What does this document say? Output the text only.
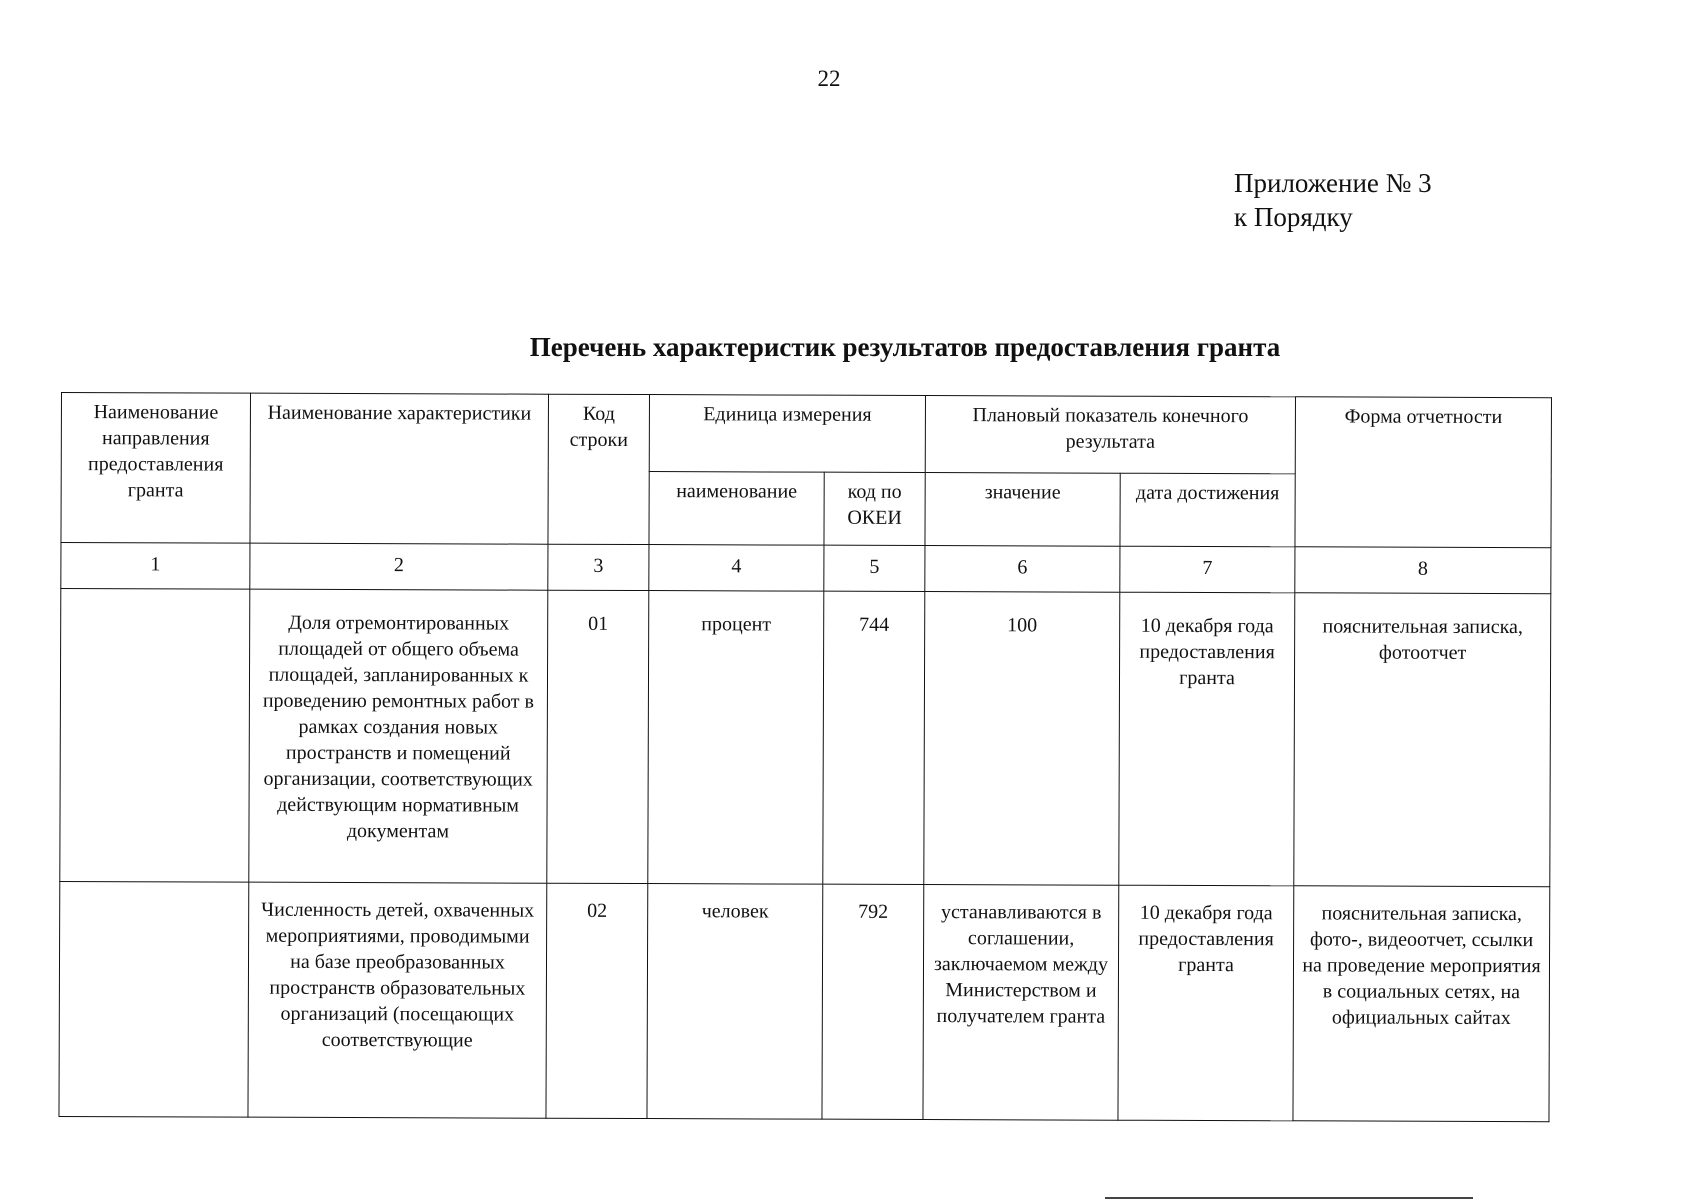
22
Приложение № 3
к Порядку
Перечень характеристик результатов предоставления гранта
Наименование направления предоставления гранта	Наименование характеристики	Код строки	Единица измерения		Плановый показатель конечного результата		Форма отчетности
			наименование	код по ОКЕИ	значение	дата достижения	
1	2	3	4	5	6	7	8
	Доля отремонтированных площадей от общего объема площадей, запланированных к проведению ремонтных работ в рамках создания новых пространств и помещений организации, соответствующих действующим нормативным документам	01	процент	744	100	10 декабря года предоставления гранта	пояснительная записка, фотоотчет
	Численность детей, охваченных мероприятиями, проводимыми на базе преобразованных пространств образовательных организаций (посещающих соответствующие	02	человек	792	устанавливаются в соглашении, заключаемом между Министерством и получателем гранта	10 декабря года предоставления гранта	пояснительная записка, фото-, видеоотчет, ссылки на проведение мероприятия в социальных сетях, на официальных сайтах
